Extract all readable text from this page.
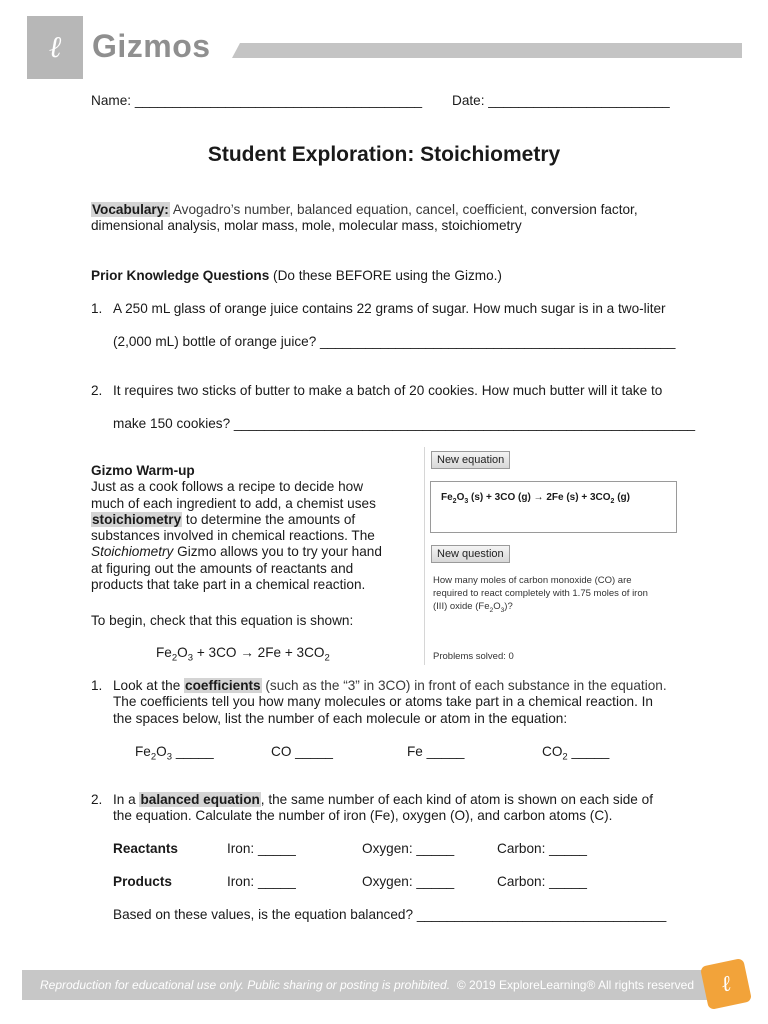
ℓ Gizmos
Name: ______________________________________ Date: ________________________
Student Exploration: Stoichiometry
Vocabulary: Avogadro’s number, balanced equation, cancel, coefficient, conversion factor,
dimensional analysis, molar mass, mole, molecular mass, stoichiometry
Prior Knowledge Questions (Do these BEFORE using the Gizmo.)
1. A 250 mL glass of orange juice contains 22 grams of sugar. How much sugar is in a two-liter
(2,000 mL) bottle of orange juice? _______________________________________________
2. It requires two sticks of butter to make a batch of 20 cookies. How much butter will it take to
make 150 cookies? _____________________________________________________________
Gizmo Warm-up
Just as a cook follows a recipe to decide how
much of each ingredient to add, a chemist uses
stoichiometry to determine the amounts of
substances involved in chemical reactions. The
Stoichiometry Gizmo allows you to try your hand
at figuring out the amounts of reactants and
products that take part in a chemical reaction.
To begin, check that this equation is shown:
$Fe_2O_3 + 3CO \to 2Fe + 3CO_2$
New equation
$Fe_2O_3$ (s) + 3CO (g) → 2Fe $(s) + 3CO_2$ (g)
New question
How many moles of carbon monoxide (CO) are
required to react completely with 1.75 moles of iron
(III) oxide $(Fe_2O_3)$?
Problems solved: 0
1. Look at the coefficients (such as the “3” in 3CO) in front of each substance in the equation.
The coefficients tell you how many molecules or atoms take part in a chemical reaction. In
the spaces below, list the number of each molecule or atom in the equation:
$Fe_2O_3$ _____	CO _____	Fe _____	$CO_2$ _____
2. In a balanced equation, the same number of each kind of atom is shown on each side of
the equation. Calculate the number of iron (Fe), oxygen (O), and carbon atoms (C).
Reactants	Iron: _____	Oxygen: _____	Carbon: _____
Products	Iron: _____	Oxygen: _____	Carbon: _____
Based on these values, is the equation balanced? _________________________________
Reproduction for educational use only. Public sharing or posting is prohibited. © 2019 ExploreLearning® All rights reserved	ℓ
